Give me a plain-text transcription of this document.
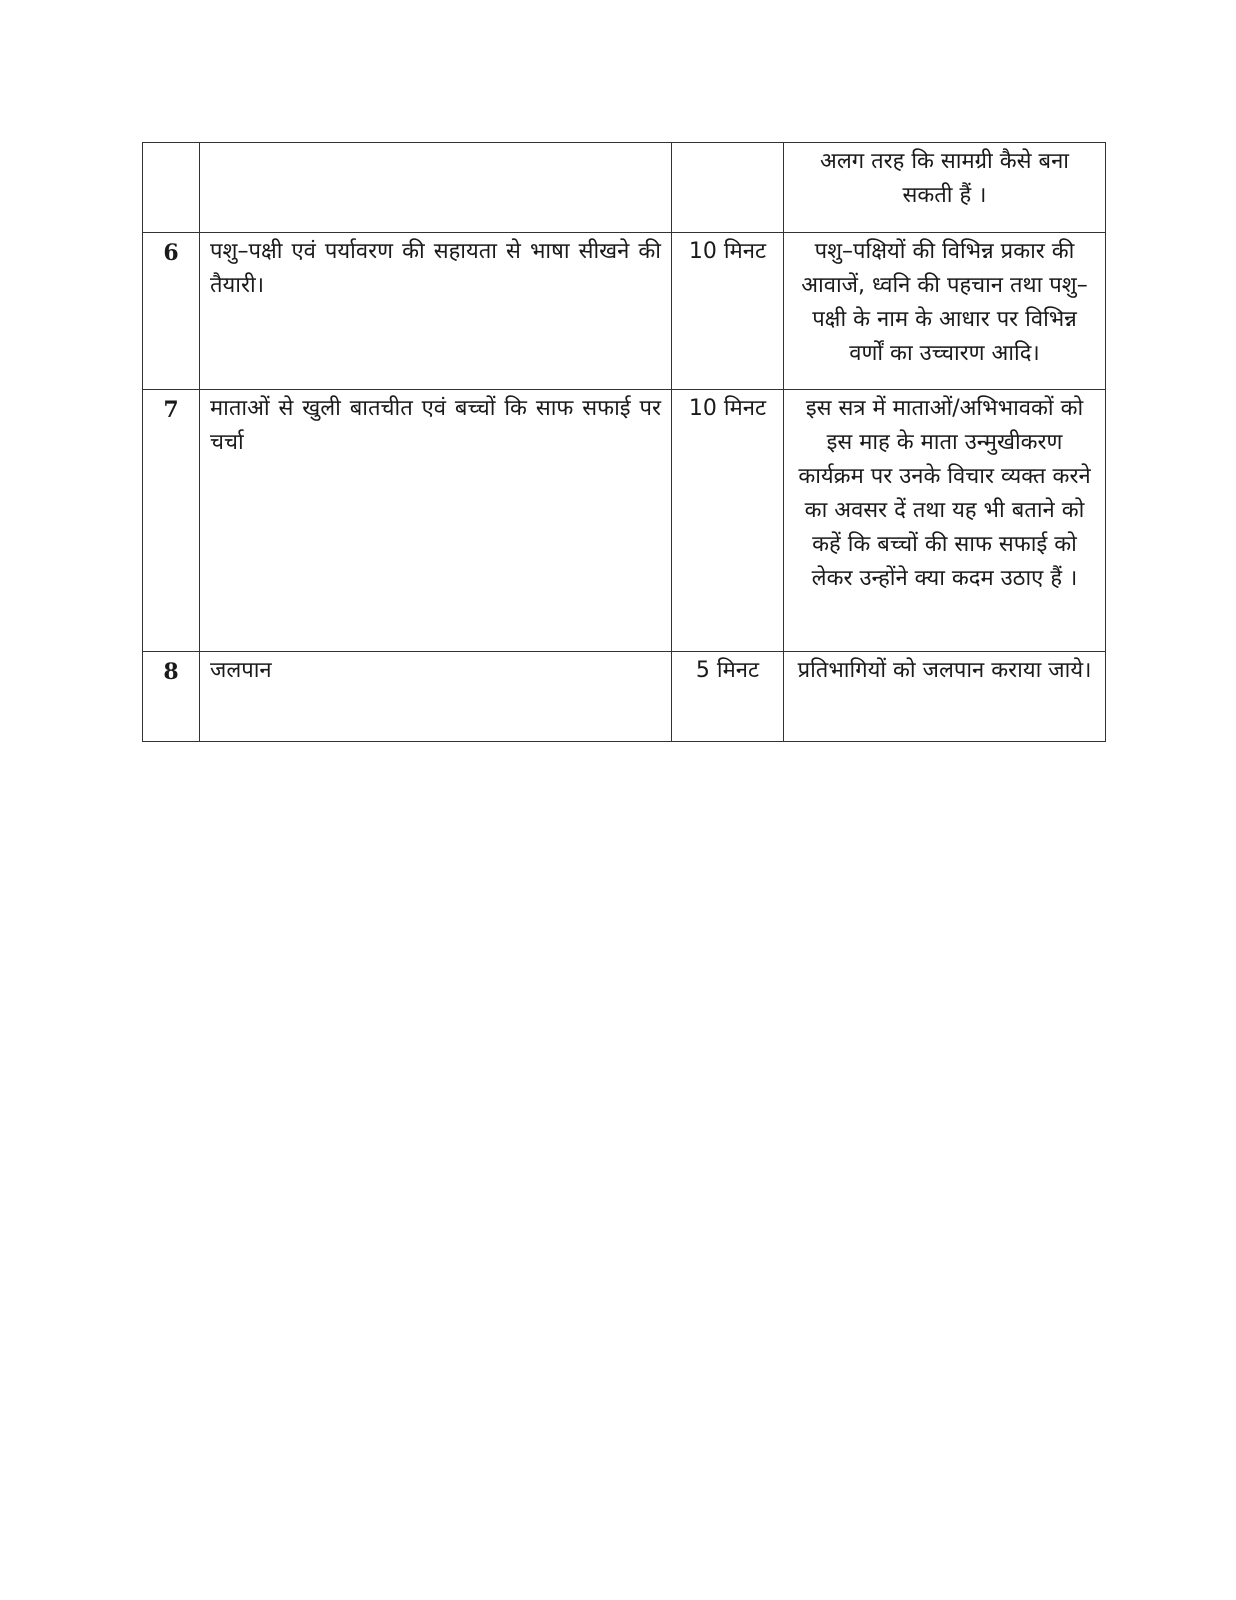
			अलग तरह कि सामग्री कैसे बना सकती हैं ।
6	पशु–पक्षी एवं पर्यावरण की सहायता से भाषा सीखने की तैयारी।	10 मिनट	पशु–पक्षियों की विभिन्न प्रकार की आवाजें, ध्वनि की पहचान तथा पशु–पक्षी के नाम के आधार पर विभिन्न वर्णों का उच्चारण आदि।
7	माताओं से खुली बातचीत एवं बच्चों कि साफ सफाई पर चर्चा	10 मिनट	इस सत्र में माताओं/अभिभावकों को इस माह के माता उन्मुखीकरण कार्यक्रम पर उनके विचार व्यक्त करने का अवसर दें तथा यह भी बताने को कहें कि बच्चों की साफ सफाई को लेकर उन्होंने क्या कदम उठाए हैं ।
8	जलपान	5 मिनट	प्रतिभागियों को जलपान कराया जाये।
